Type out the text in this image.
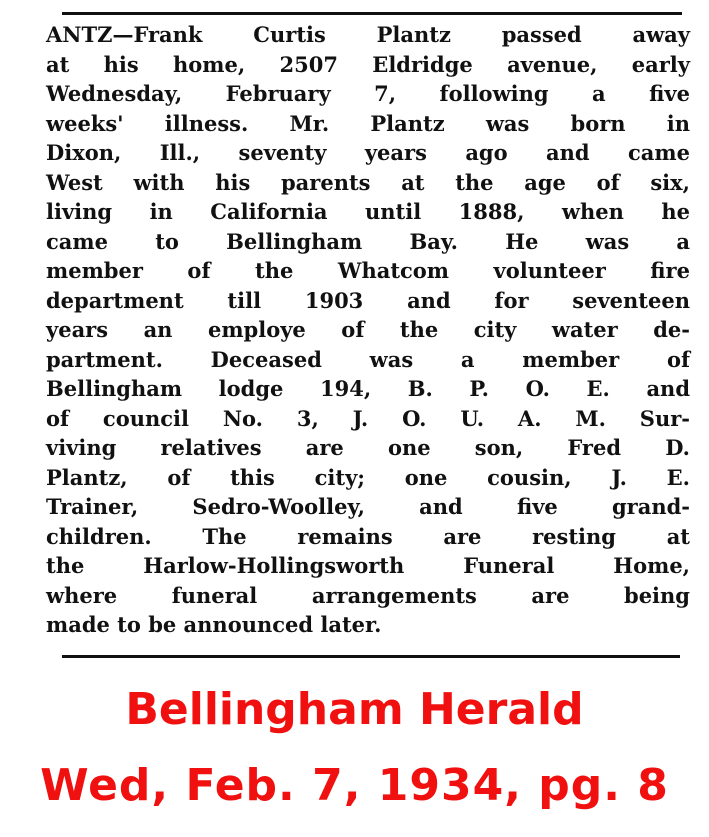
ANTZ—Frank Curtis Plantz passed away
at his home, 2507 Eldridge avenue, early
Wednesday, February 7, following a five
weeks' illness. Mr. Plantz was born in
Dixon, Ill., seventy years ago and came
West with his parents at the age of six,
living in California until 1888, when he
came to Bellingham Bay. He was a
member of the Whatcom volunteer fire
department till 1903 and for seventeen
years an employe of the city water de-
partment. Deceased was a member of
Bellingham lodge 194, B. P. O. E. and
of council No. 3, J. O. U. A. M. Sur-
viving relatives are one son, Fred D.
Plantz, of this city; one cousin, J. E.
Trainer, Sedro-Woolley, and five grand-
children. The remains are resting at
the Harlow-Hollingsworth Funeral Home,
where funeral arrangements are being
made to be announced later.
Bellingham Herald
Wed, Feb. 7, 1934, pg. 8
